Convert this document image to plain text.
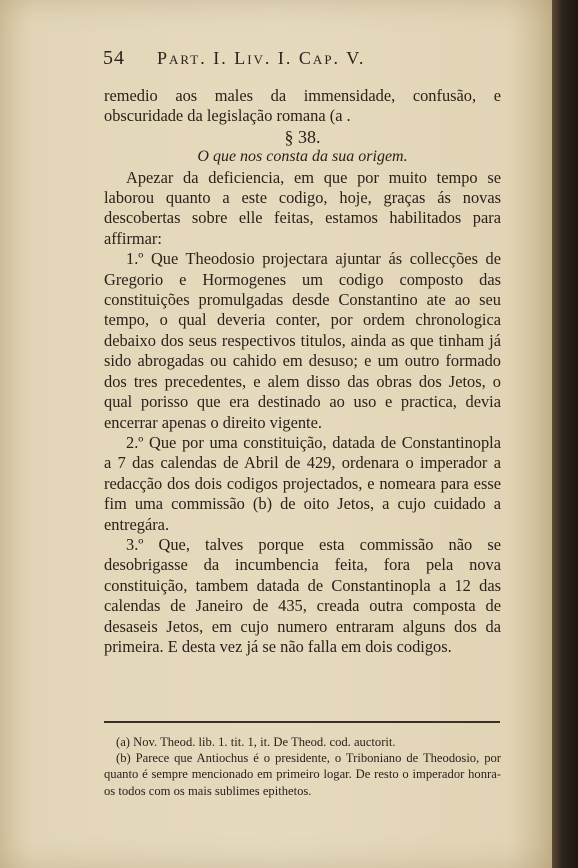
54 Part. I. Liv. I. Cap. V.

remedio aos males da immensidade, confusão, e obscuridade da legislação romana (a .

§ 38.

O que nos consta da sua origem.

Apezar da deficiencia, em que por muito tempo se laborou quanto a este codigo, hoje, graças ás novas descobertas sobre elle feitas, estamos habilitados para affirmar:

1.º Que Theodosio projectara ajuntar ás collecções de Gregorio e Hormogenes um codigo composto das constituições promulgadas desde Constantino ate ao seu tempo, o qual deveria conter, por ordem chronologica debaixo dos seus respectivos titulos, ainda as que tinham já sido abrogadas ou cahido em desuso; e um outro formado dos tres precedentes, e alem disso das obras dos Jetos, o qual porisso que era destinado ao uso e practica, devia encerrar apenas o direito vigente.

2.º Que por uma constituição, datada de Constantinopla a 7 das calendas de Abril de 429, ordenara o imperador a redacção dos dois codigos projectados, e nomeara para esse fim uma commissão (b) de oito Jetos, a cujo cuidado a entregára.

3.º Que, talves porque esta commissão não se desobrigasse da incumbencia feita, fora pela nova constituição, tambem datada de Constantinopla a 12 das calendas de Janeiro de 435, creada outra composta de desaseis Jetos, em cujo numero entraram alguns dos da primeira. E desta vez já se não falla em dois codigos.

(a) Nov. Theod. lib. 1. tit. 1, it. De Theod. cod. auctorit.

(b) Parece que Antiochus é o presidente, o Triboniano de Theodosio, por quanto é sempre mencionado em primeiro logar. De resto o imperador honra-os todos com os mais sublimes epithetos.
